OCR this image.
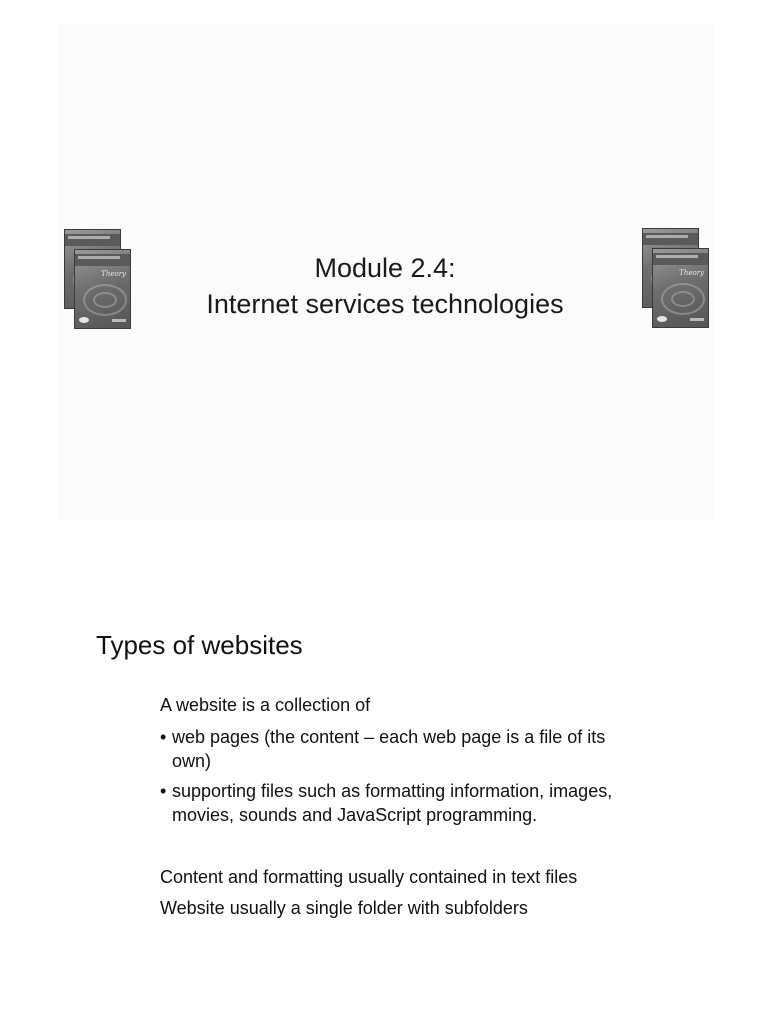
Theory	Theory
Module 2.4:
Internet services technologies
Types of websites
A website is a collection of
• web pages (the content – each web page is a file of its
own)
• supporting files such as formatting information, images,
movies, sounds and JavaScript programming.
Content and formatting usually contained in text files
Website usually a single folder with subfolders
